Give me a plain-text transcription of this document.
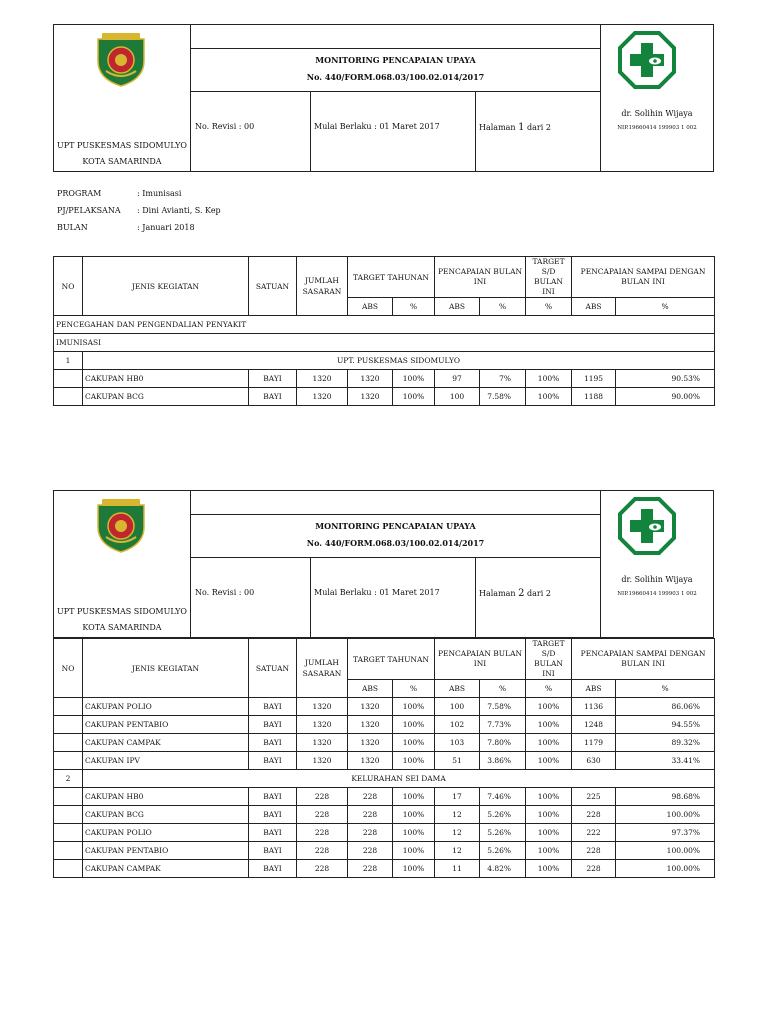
UPT PUSKESMAS SIDOMULYO
KOTA SAMARINDA
MONITORING PENCAPAIAN UPAYA
No. 440/FORM.068.03/100.02.014/2017
No. Revisi : 00	Mulai Berlaku : 01 Maret 2017	Halaman 1 dari 2
dr. Solihin Wijaya
NIP.19660414 199903 1 002
UPT PUSKESMAS SIDOMULYO
KOTA SAMARINDA
MONITORING PENCAPAIAN UPAYA
No. 440/FORM.068.03/100.02.014/2017
No. Revisi : 00	Mulai Berlaku : 01 Maret 2017	Halaman 2 dari 2
dr. Solihin Wijaya
NIP.19660414 199903 1 002
PROGRAM	: Imunisasi
PJ/PELAKSANA : Dini Avianti, S. Kep
BULAN	: Januari 2018
NO	JENIS KEGIATAN	SATUAN	JUMLAH SASARAN	TARGET TAHUNAN		PENCAPAIAN BULAN INI		TARGET S/D BULAN INI	PENCAPAIAN SAMPAI DENGAN BULAN INI	
				ABS	%	ABS	%	%	ABS	%
PENCEGAHAN DAN PENGENDALIAN PENYAKIT										
IMUNISASI										
1	UPT. PUSKESMAS SIDOMULYO									
	CAKUPAN HB0	BAYI	1320	1320	100%	97	7%	100%	1195	90.53%
	CAKUPAN BCG	BAYI	1320	1320	100%	100	7.58%	100%	1188	90.00%
NO	JENIS KEGIATAN	SATUAN	JUMLAH SASARAN	TARGET TAHUNAN		PENCAPAIAN BULAN INI		TARGET S/D BULAN INI	PENCAPAIAN SAMPAI DENGAN BULAN INI	
				ABS	%	ABS	%	%	ABS	%
	CAKUPAN POLIO	BAYI	1320	1320	100%	100	7.58%	100%	1136	86.06%
	CAKUPAN PENTABIO	BAYI	1320	1320	100%	102	7.73%	100%	1248	94.55%
	CAKUPAN CAMPAK	BAYI	1320	1320	100%	103	7.80%	100%	1179	89.32%
	CAKUPAN IPV	BAYI	1320	1320	100%	51	3.86%	100%	630	33.41%
2	KELURAHAN SEI DAMA									
	CAKUPAN HB0	BAYI	228	228	100%	17	7.46%	100%	225	98.68%
	CAKUPAN BCG	BAYI	228	228	100%	12	5.26%	100%	228	100.00%
	CAKUPAN POLIO	BAYI	228	228	100%	12	5.26%	100%	222	97.37%
	CAKUPAN PENTABIO	BAYI	228	228	100%	12	5.26%	100%	228	100.00%
	CAKUPAN CAMPAK	BAYI	228	228	100%	11	4.82%	100%	228	100.00%
